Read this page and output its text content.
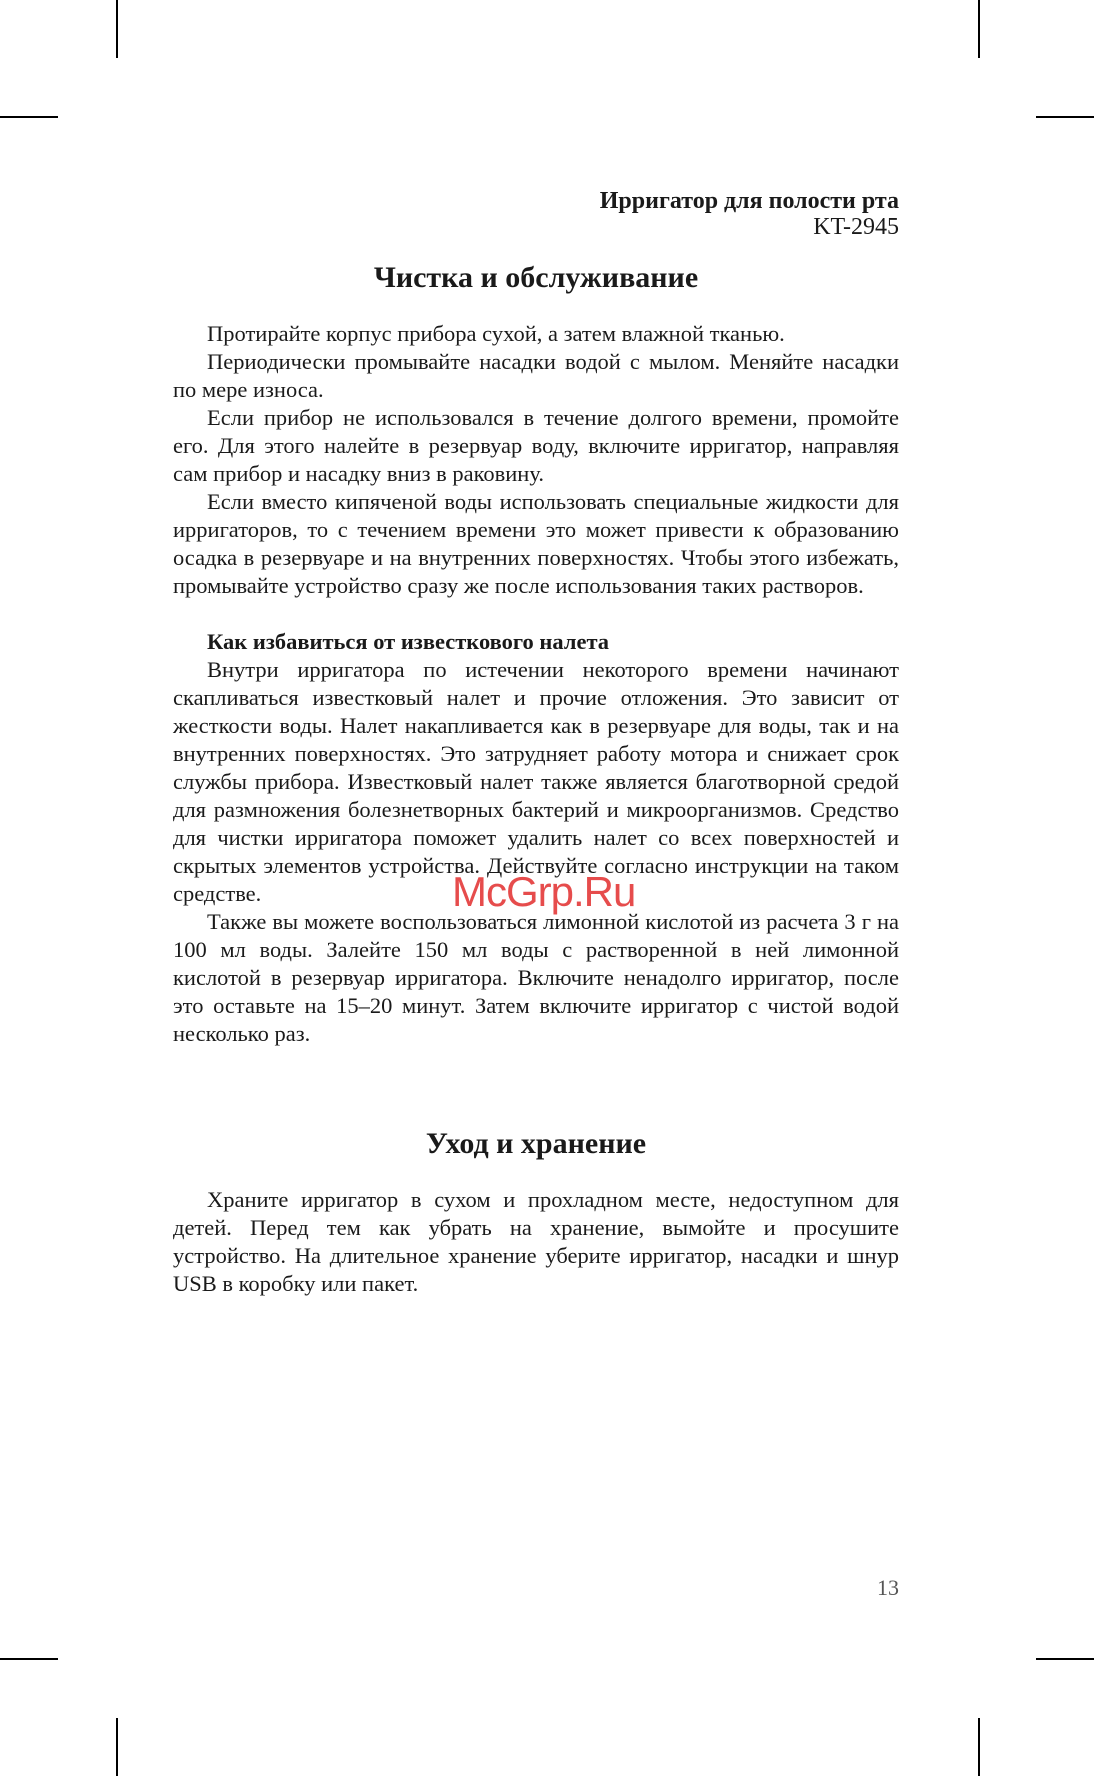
Ирригатор для полости рта
KT-2945
Чистка и обслуживание

Протирайте корпус прибора сухой, а затем влажной тканью.

Периодически промывайте насадки водой с мылом. Меняйте насадки по мере износа.

Если прибор не использовался в течение долгого времени, промойте его. Для этого налейте в резервуар воду, включите ирригатор, направляя сам прибор и насадку вниз в раковину.

Если вместо кипяченой воды использовать специальные жидкости для ирригаторов, то с течением времени это может привести к образованию осадка в резервуаре и на внутренних поверхностях. Чтобы этого избежать, промывайте устройство сразу же после использования таких растворов.

Как избавиться от известкового налета

Внутри ирригатора по истечении некоторого времени начинают скапливаться известковый налет и прочие отложения. Это зависит от жесткости воды. Налет накапливается как в резервуаре для воды, так и на внутренних поверхностях. Это затрудняет работу мотора и снижает срок службы прибора. Известковый налет также является благотворной средой для размножения болезнетворных бактерий и микроорганизмов. Средство для чистки ирригатора поможет удалить налет со всех поверхностей и скрытых элементов устройства. Действуйте согласно инструкции на таком средстве.

Также вы можете воспользоваться лимонной кислотой из расчета 3 г на 100 мл воды. Залейте 150 мл воды с растворенной в ней лимонной кислотой в резервуар ирригатора. Включите ненадолго ирригатор, после это оставьте на 15–20 минут. Затем включите ирригатор с чистой водой несколько раз.

Уход и хранение

Храните ирригатор в сухом и прохладном месте, недоступном для детей. Перед тем как убрать на хранение, вымойте и просушите устройство. На длительное хранение уберите ирригатор, насадки и шнур USB в коробку или пакет.

McGrp.Ru
13
